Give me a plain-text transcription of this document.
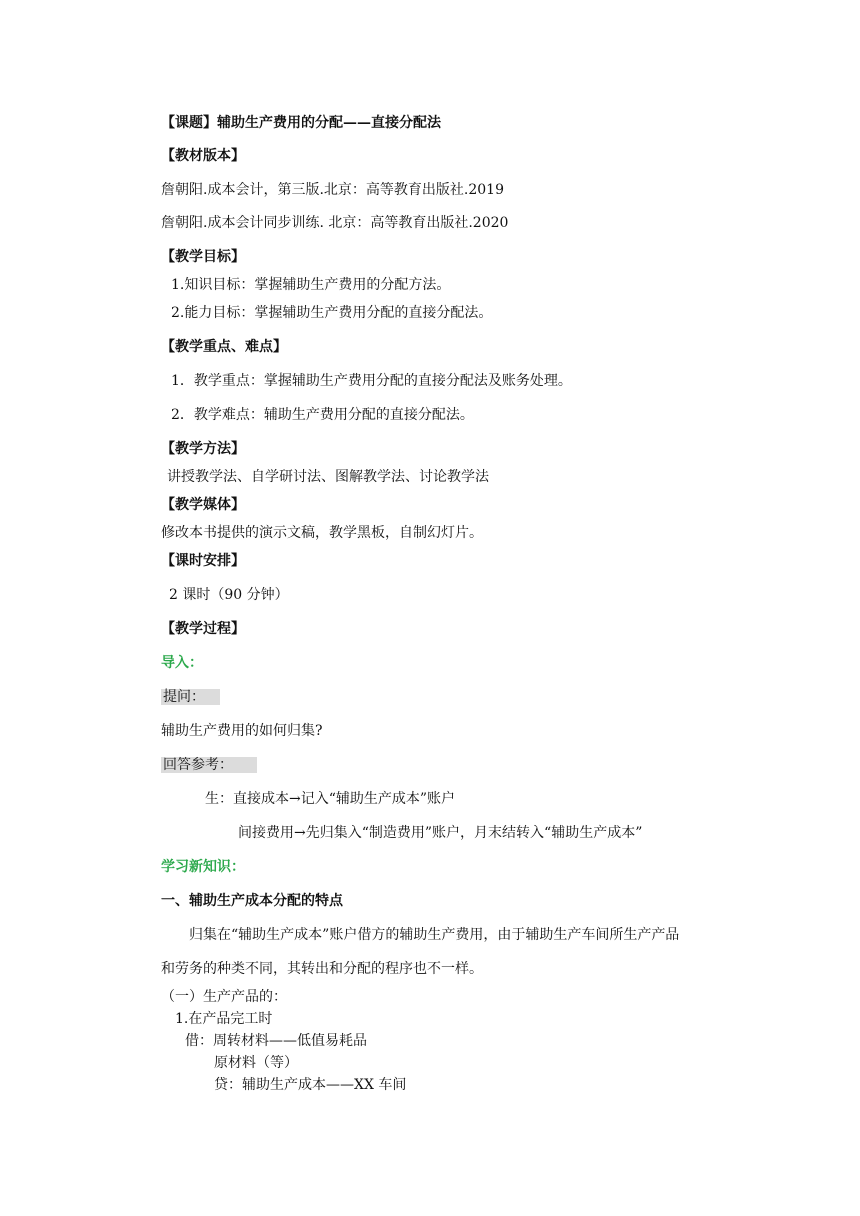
【课题】辅助生产费用的分配——直接分配法
【教材版本】
詹朝阳.成本会计，第三版.北京：高等教育出版社.2019
詹朝阳.成本会计同步训练. 北京：高等教育出版社.2020
【教学目标】
1.知识目标：掌握辅助生产费用的分配方法。
2.能力目标：掌握辅助生产费用分配的直接分配法。
【教学重点、难点】
1．教学重点：掌握辅助生产费用分配的直接分配法及账务处理。
2．教学难点：辅助生产费用分配的直接分配法。
【教学方法】
讲授教学法、自学研讨法、图解教学法、讨论教学法
【教学媒体】
修改本书提供的演示文稿，教学黑板，自制幻灯片。
【课时安排】
2 课时（90 分钟）
【教学过程】
导入：
提问：
辅助生产费用的如何归集?
回答参考：
生：直接成本→记入“辅助生产成本”账户
间接费用→先归集入“制造费用”账户，月末结转入“辅助生产成本”
学习新知识：
一、辅助生产成本分配的特点
归集在“辅助生产成本”账户借方的辅助生产费用，由于辅助生产车间所生产产品
和劳务的种类不同，其转出和分配的程序也不一样。
（一）生产产品的：
1.在产品完工时
借：周转材料——低值易耗品
原材料（等）
贷：辅助生产成本——XX 车间
